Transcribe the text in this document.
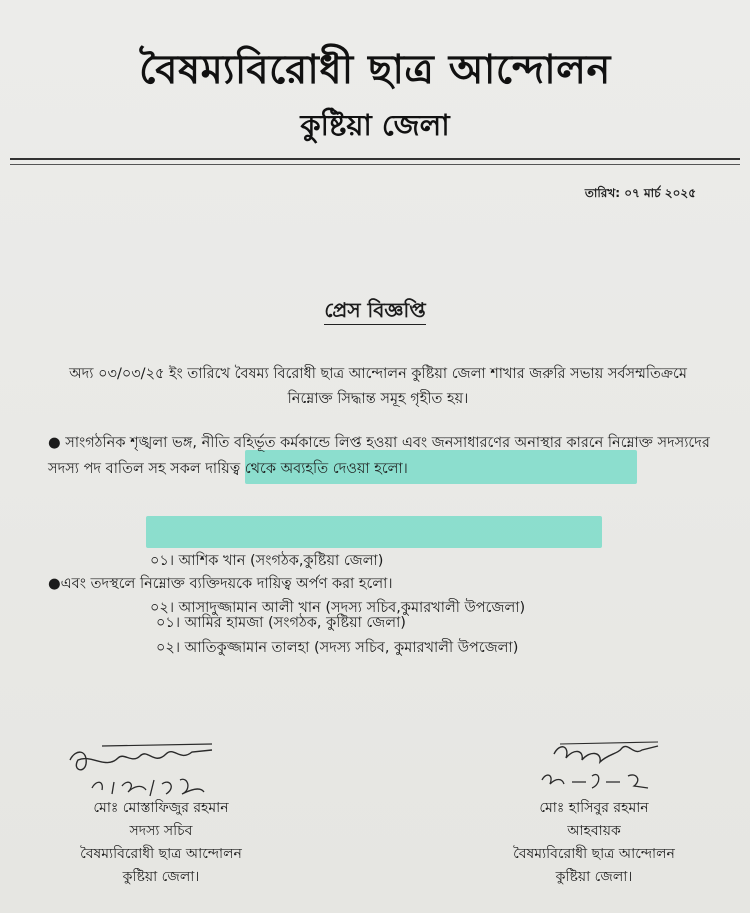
বৈষম্যবিরোধী ছাত্র আন্দোলন
কুষ্টিয়া জেলা
তারিখ: ০৭ মার্চ ২০২৫
প্রেস বিজ্ঞপ্তি
অদ্য ০৩/০৩/২৫ ইং তারিখে বৈষম্য বিরোধী ছাত্র আন্দোলন কুষ্টিয়া জেলা শাখার জরুরি সভায় সর্বসম্মতিক্রমে নিম্নোক্ত সিদ্ধান্ত সমূহ গৃহীত হয়।
● সাংগঠনিক শৃঙ্খলা ভঙ্গ, নীতি বহির্ভূত কর্মকান্ডে লিপ্ত হওয়া এবং জনসাধারণের অনাস্থার কারনে নিম্নোক্ত সদস্যদের সদস্য পদ বাতিল সহ সকল দায়িত্ব থেকে অব্যহতি দেওয়া হলো।
০১। আশিক খান (সংগঠক,কুষ্টিয়া জেলা)
০২। আসাদুজ্জামান আলী খান (সদস্য সচিব,কুমারখালী উপজেলা)
●এবং তদস্থলে নিম্নোক্ত ব্যক্তিদয়কে দায়িত্ব অর্পণ করা হলো।
০১। আমির হামজা (সংগঠক, কুষ্টিয়া জেলা)
০২। আতিকুজ্জামান তালহা (সদস্য সচিব, কুমারখালী উপজেলা)
মোঃ মোস্তাফিজুর রহমান
সদস্য সচিব
বৈষম্যবিরোধী ছাত্র আন্দোলন
কুষ্টিয়া জেলা।
মোঃ হাসিবুর রহমান
আহবায়ক
বৈষম্যবিরোধী ছাত্র আন্দোলন
কুষ্টিয়া জেলা।
